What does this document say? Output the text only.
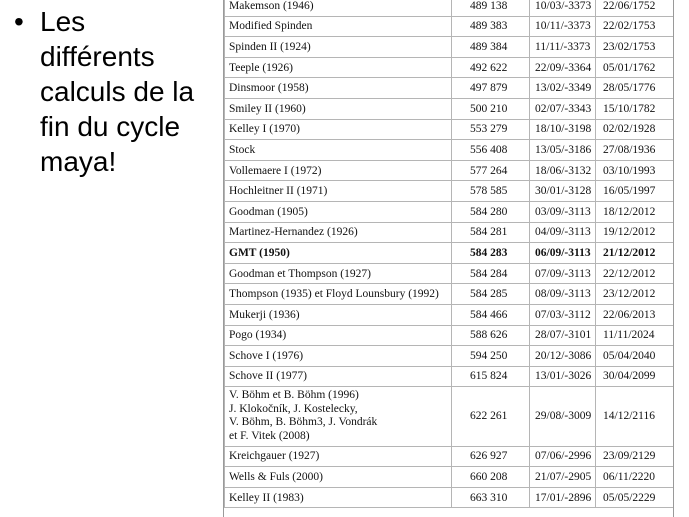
• Les
différents
calculs de la
fin du cycle
maya!
Makemson (1946)	489 138	10/03/-3373	22/06/1752
Modified Spinden	489 383	10/11/-3373	22/02/1753
Spinden II (1924)	489 384	11/11/-3373	23/02/1753
Teeple (1926)	492 622	22/09/-3364	05/01/1762
Dinsmoor (1958)	497 879	13/02/-3349	28/05/1776
Smiley II (1960)	500 210	02/07/-3343	15/10/1782
Kelley I (1970)	553 279	18/10/-3198	02/02/1928
Stock	556 408	13/05/-3186	27/08/1936
Vollemaere I (1972)	577 264	18/06/-3132	03/10/1993
Hochleitner II (1971)	578 585	30/01/-3128	16/05/1997
Goodman (1905)	584 280	03/09/-3113	18/12/2012
Martinez-Hernandez (1926)	584 281	04/09/-3113	19/12/2012
GMT (1950)	584 283	06/09/-3113	21/12/2012
Goodman et Thompson (1927)	584 284	07/09/-3113	22/12/2012
Thompson (1935) et Floyd Lounsbury (1992)	584 285	08/09/-3113	23/12/2012
Mukerji (1936)	584 466	07/03/-3112	22/06/2013
Pogo (1934)	588 626	28/07/-3101	11/11/2024
Schove I (1976)	594 250	20/12/-3086	05/04/2040
Schove II (1977)	615 824	13/01/-3026	30/04/2099

V. Böhm et B. Böhm (1996)
J. Klokočník, J. Kostelecky,
V. Böhm, B. Böhm3, J. Vondrák
et F. Vitek (2008)	622 261	29/08/-3009	14/12/2116
Kreichgauer (1927)	626 927	07/06/-2996	23/09/2129
Wells & Fuls (2000)	660 208	21/07/-2905	06/11/2220
Kelley II (1983)	663 310	17/01/-2896	05/05/2229
